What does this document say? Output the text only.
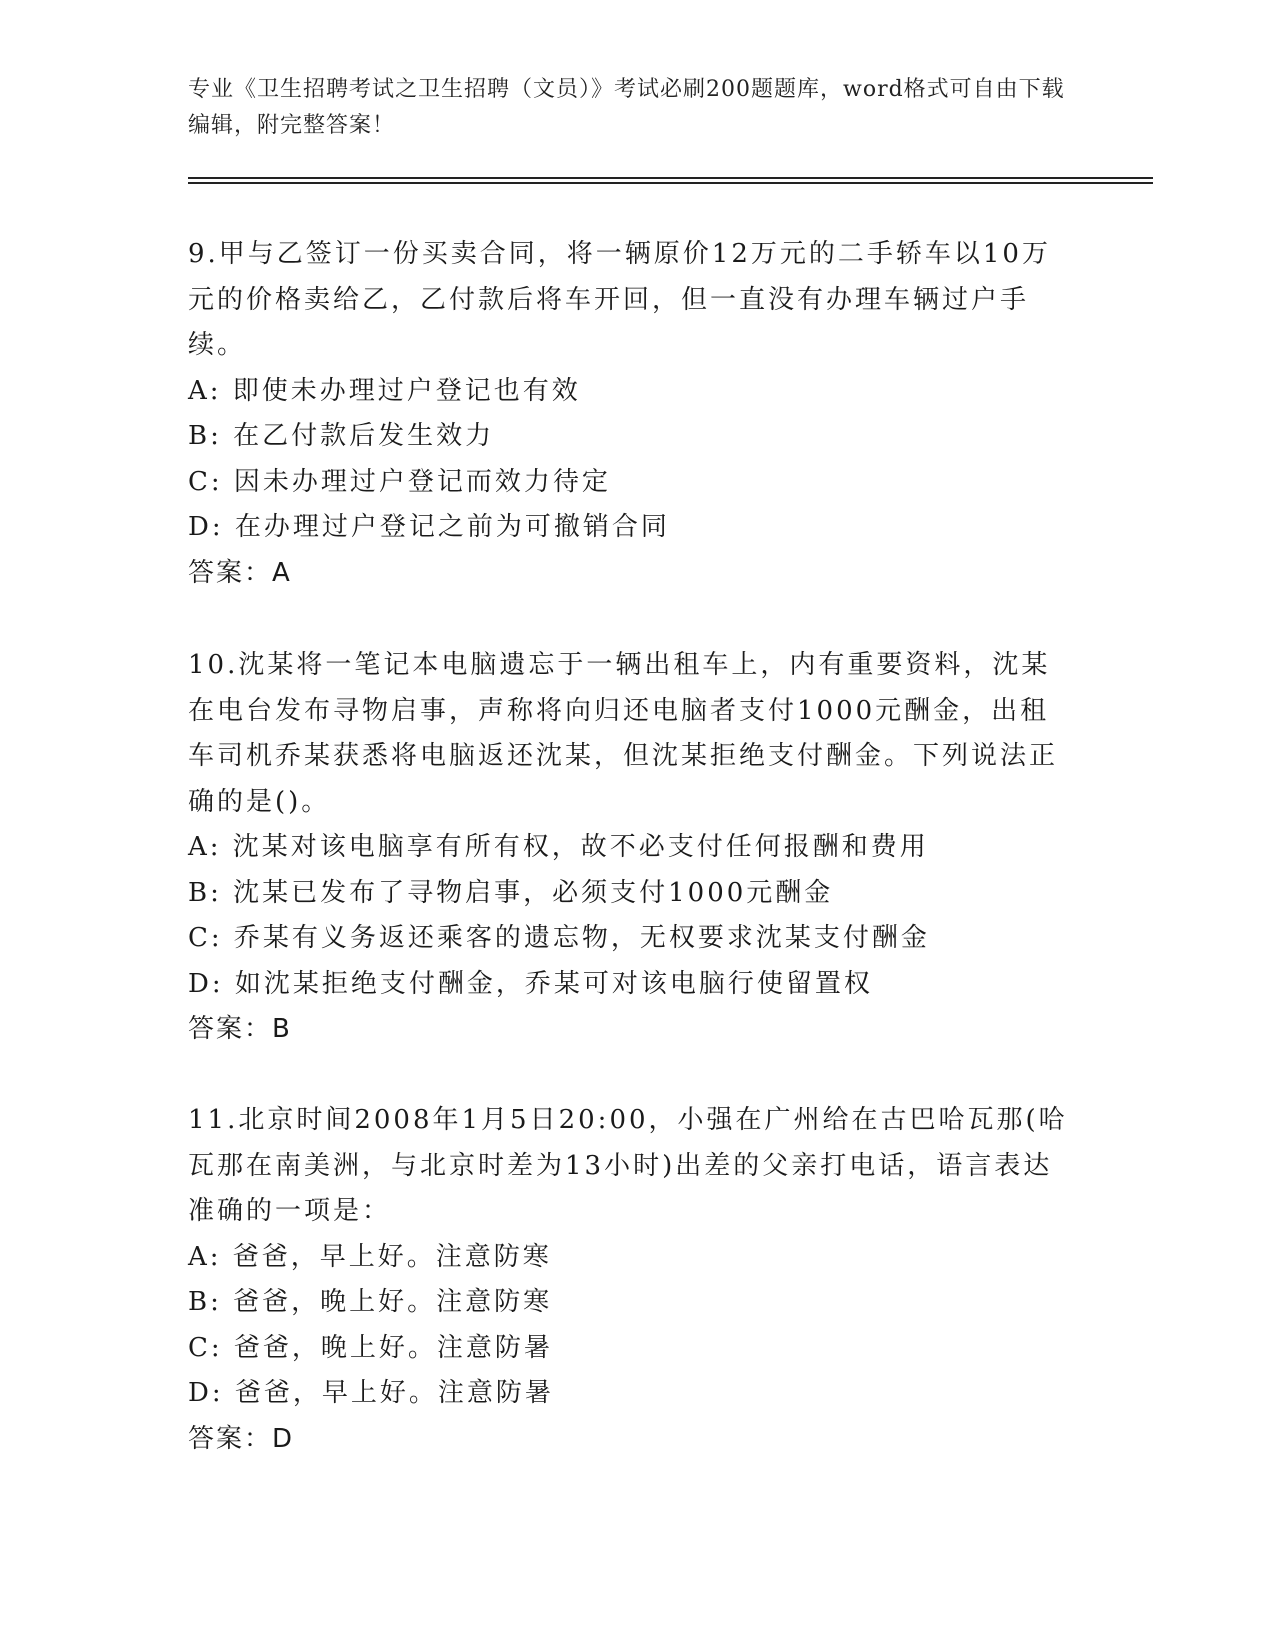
专业《卫生招聘考试之卫生招聘（文员）》考试必刷200题题库，word格式可自由下载编辑，附完整答案！

9.甲与乙签订一份买卖合同，将一辆原价12万元的二手轿车以10万元的价格卖给乙，乙付款后将车开回，但一直没有办理车辆过户手续。

A: 即使未办理过户登记也有效

B: 在乙付款后发生效力

C: 因未办理过户登记而效力待定

D: 在办理过户登记之前为可撤销合同

答案：A

10.沈某将一笔记本电脑遗忘于一辆出租车上，内有重要资料，沈某在电台发布寻物启事，声称将向归还电脑者支付1000元酬金，出租车司机乔某获悉将电脑返还沈某，但沈某拒绝支付酬金。下列说法正确的是()。

A: 沈某对该电脑享有所有权，故不必支付任何报酬和费用

B: 沈某已发布了寻物启事，必须支付1000元酬金

C: 乔某有义务返还乘客的遗忘物，无权要求沈某支付酬金

D: 如沈某拒绝支付酬金，乔某可对该电脑行使留置权

答案：B

11.北京时间2008年1月5日20:00，小强在广州给在古巴哈瓦那(哈瓦那在南美洲，与北京时差为13小时)出差的父亲打电话，语言表达准确的一项是：

A: 爸爸，早上好。注意防寒

B: 爸爸，晚上好。注意防寒

C: 爸爸，晚上好。注意防暑

D: 爸爸，早上好。注意防暑

答案：D
